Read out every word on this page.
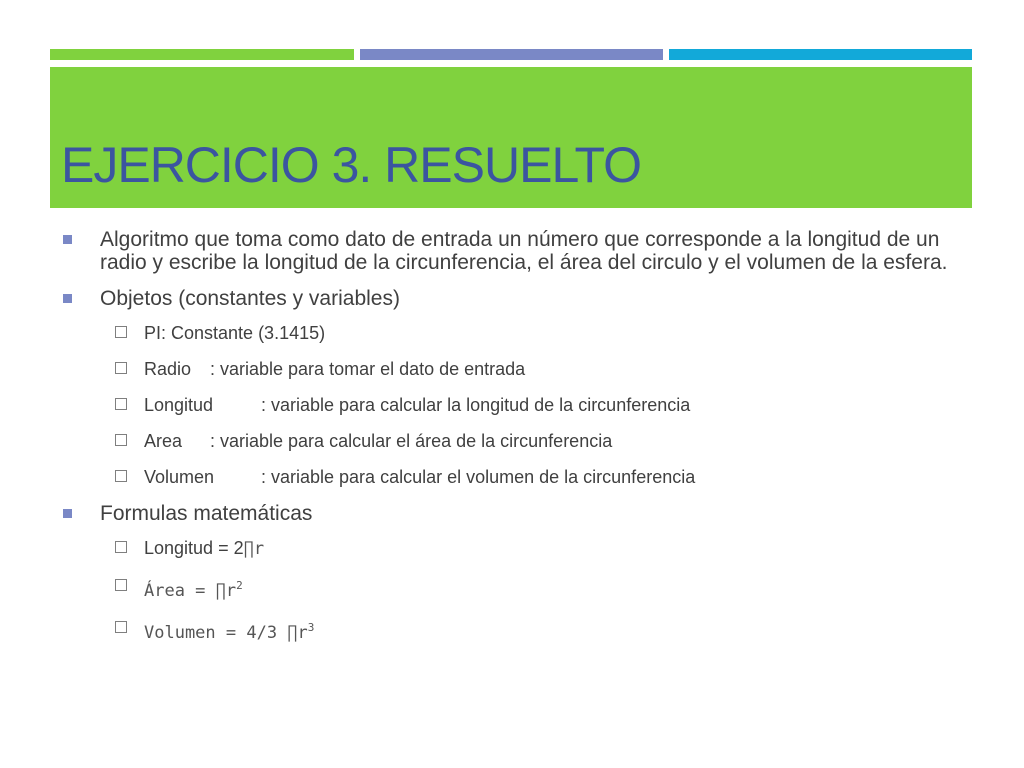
EJERCICIO 3. RESUELTO
Algoritmo que toma como dato de entrada un número que corresponde a la longitud de un radio y escribe la longitud de la circunferencia, el área del circulo y el volumen de la esfera.
Objetos (constantes y variables)
PI: Constante (3.1415)
Radio : variable para tomar el dato de entrada
Longitud	: variable para calcular la longitud de la circunferencia
Area : variable para calcular el área de la circunferencia
Volumen	: variable para calcular el volumen de la circunferencia
Formulas matemáticas
Longitud = 2∏r
Área = $\prod r^2$
Volumen = 4/3 $\prod r^3$
